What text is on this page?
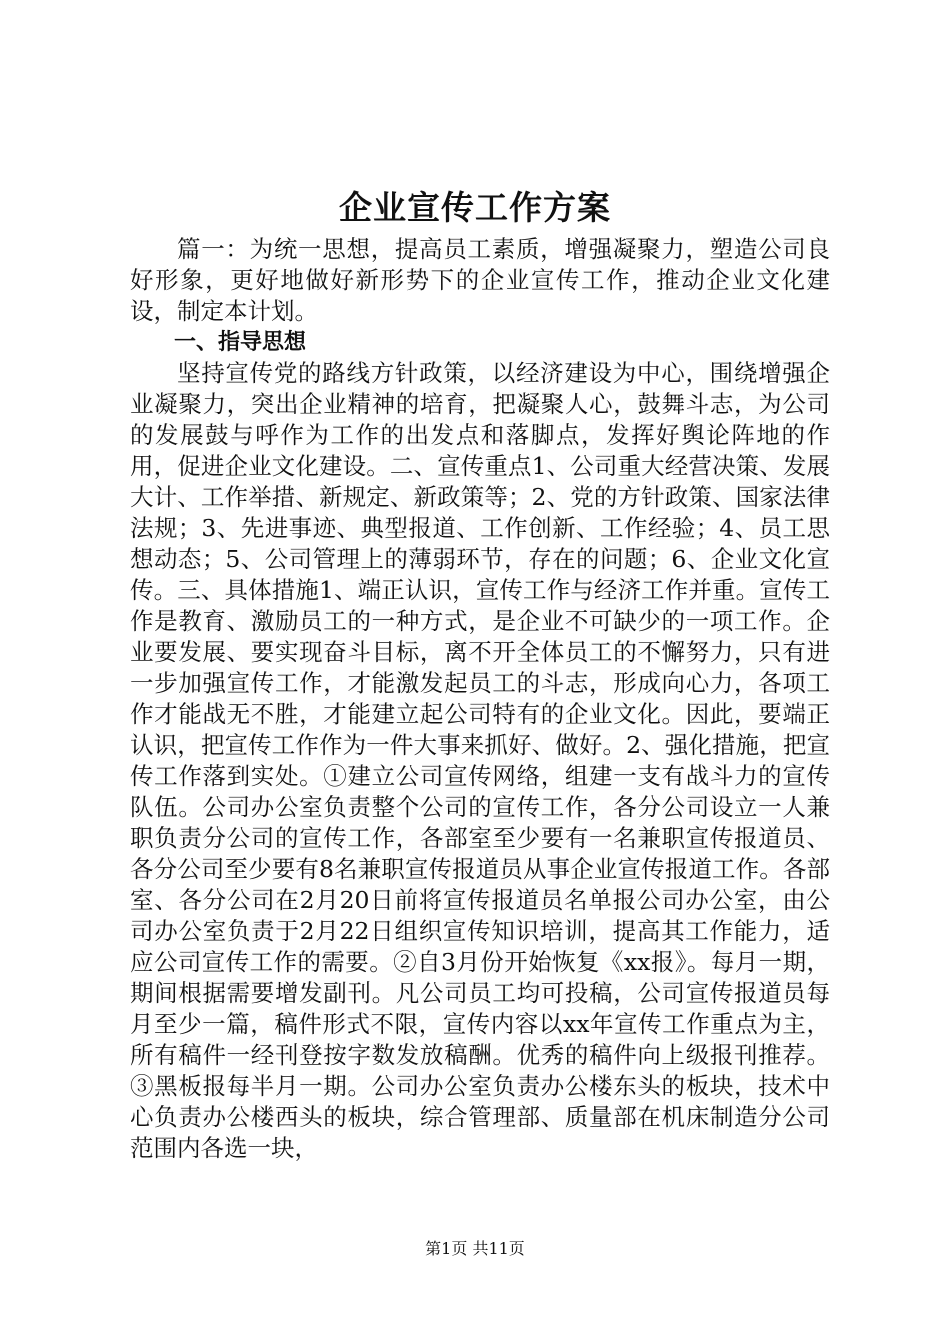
企业宣传工作方案

篇一：为统一思想，提高员工素质，增强凝聚力，塑造公司良好形象，更好地做好新形势下的企业宣传工作，推动企业文化建设，制定本计划。

一、指导思想

坚持宣传党的路线方针政策，以经济建设为中心，围绕增强企业凝聚力，突出企业精神的培育，把凝聚人心，鼓舞斗志，为公司的发展鼓与呼作为工作的出发点和落脚点，发挥好舆论阵地的作用，促进企业文化建设。二、宣传重点1、公司重大经营决策、发展大计、工作举措、新规定、新政策等；2、党的方针政策、国家法律法规；3、先进事迹、典型报道、工作创新、工作经验；4、员工思想动态；5、公司管理上的薄弱环节，存在的问题；6、企业文化宣传。三、具体措施1、端正认识，宣传工作与经济工作并重。宣传工作是教育、激励员工的一种方式，是企业不可缺少的一项工作。企业要发展、要实现奋斗目标，离不开全体员工的不懈努力，只有进一步加强宣传工作，才能激发起员工的斗志，形成向心力，各项工作才能战无不胜，才能建立起公司特有的企业文化。因此，要端正认识，把宣传工作作为一件大事来抓好、做好。2、强化措施，把宣传工作落到实处。①建立公司宣传网络，组建一支有战斗力的宣传队伍。公司办公室负责整个公司的宣传工作，各分公司设立一人兼职负责分公司的宣传工作，各部室至少要有一名兼职宣传报道员、各分公司至少要有8名兼职宣传报道员从事企业宣传报道工作。各部室、各分公司在2月20日前将宣传报道员名单报公司办公室，由公司办公室负责于2月22日组织宣传知识培训，提高其工作能力，适应公司宣传工作的需要。②自3月份开始恢复《xx报》。每月一期，期间根据需要增发副刊。凡公司员工均可投稿，公司宣传报道员每月至少一篇，稿件形式不限，宣传内容以xx年宣传工作重点为主，所有稿件一经刊登按字数发放稿酬。优秀的稿件向上级报刊推荐。③黑板报每半月一期。公司办公室负责办公楼东头的板块，技术中心负责办公楼西头的板块，综合管理部、质量部在机床制造分公司范围内各选一块，

第1页 共11页
